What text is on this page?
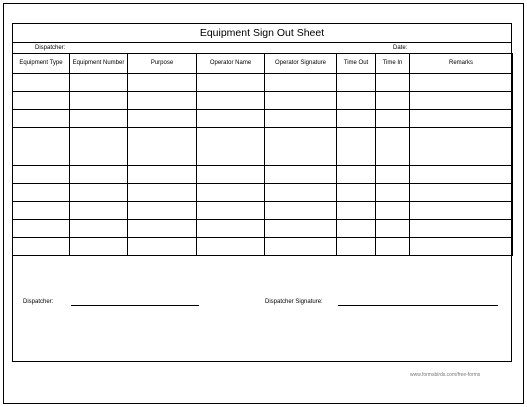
Equipment Sign Out Sheet
Dispatcher:	Date:
Equipment Type	Equipment Number	Purpose	Operator Name	Operator Signature	Time Out	Time In	Remarks

Dispatcher:	Dispatcher Signature:
www.formsbirds.com/free-forms
